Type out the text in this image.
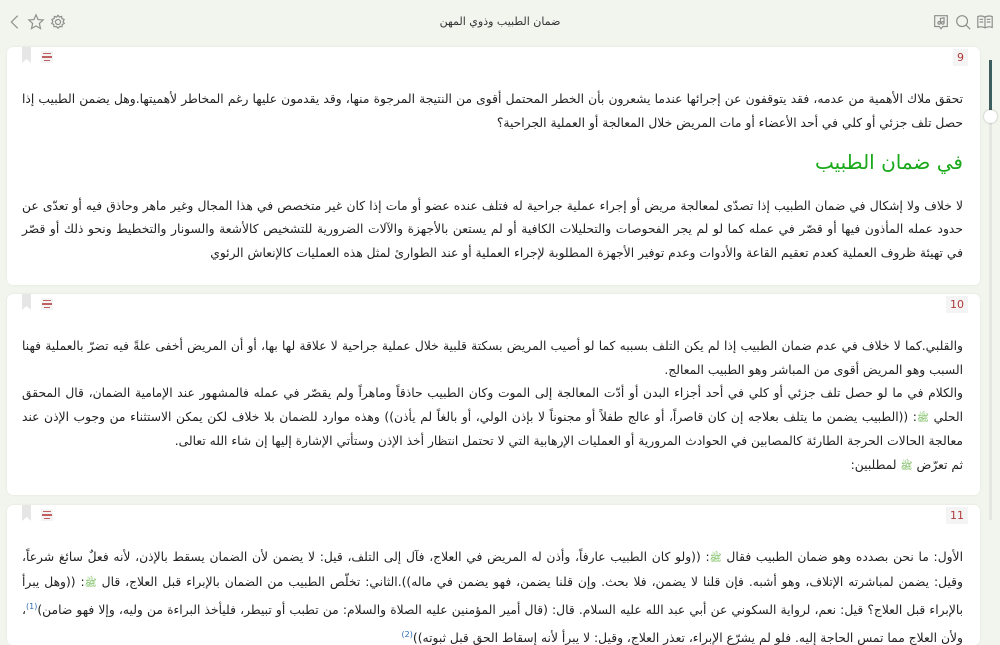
ضمان الطبيب وذوي المهن
9

تحقق ملاك الأهمية من عدمه، فقد يتوقفون عن إجرائها عندما يشعرون بأن الخطر المحتمل أقوى من النتيجة المرجوة منها، وقد يقدمون عليها رغم المخاطر لأهميتها.وهل يضمن الطبيب إذا حصل تلف جزئي أو كلي في أحد الأعضاء أو مات المريض خلال المعالجة أو العملية الجراحية؟

في ضمان الطبيب

لا خلاف ولا إشكال في ضمان الطبيب إذا تصدّى لمعالجة مريض أو إجراء عملية جراحية له فتلف عنده عضو أو مات إذا كان غير متخصص في هذا المجال وغير ماهر وحاذق فيه أو تعدّى عن حدود عمله المأذون فيها أو قصّر في عمله كما لو لم يجر الفحوصات والتحليلات الكافية أو لم يستعن بالأجهزة والآلات الضرورية للتشخيص كالأشعة والسونار والتخطيط ونحو ذلك أو قصّر في تهيئة ظروف العملية كعدم تعقيم القاعة والأدوات وعدم توفير الأجهزة المطلوبة لإجراء العملية أو عند الطوارئ لمثل هذه العمليات كالإنعاش الرئوي

10

والقلبي.كما لا خلاف في عدم ضمان الطبيب إذا لم يكن التلف بسببه كما لو أصيب المريض بسكتة قلبية خلال عملية جراحية لا علاقة لها بها، أو أن المريض أخفى علةً فيه تضرّ بالعملية فهنا السبب وهو المريض أقوى من المباشر وهو الطبيب المعالج.

والكلام في ما لو حصل تلف جزئي أو كلي في أحد أجزاء البدن أو أدّت المعالجة إلى الموت وكان الطبيب حاذقاً وماهراً ولم يقصّر في عمله فالمشهور عند الإمامية الضمان، قال المحقق الحلي ﷺ: ((الطبيب يضمن ما يتلف بعلاجه إن كان قاصراً، أو عالج طفلاً أو مجنوناً لا بإذن الولي، أو بالغاً لم يأذن)) وهذه موارد للضمان بلا خلاف لكن يمكن الاستثناء من وجوب الإذن عند معالجة الحالات الحرجة الطارئة كالمصابين في الحوادث المرورية أو العمليات الإرهابية التي لا تحتمل انتظار أخذ الإذن وستأتي الإشارة إليها إن شاء الله تعالى.

ثم تعرّض ﷺ لمطلبين:

11

الأول: ما نحن بصدده وهو ضمان الطبيب فقال ﷺ: ((ولو كان الطبيب عارفاً، وأذن له المريض في العلاج، فآل إلى التلف، قيل: لا يضمن لأن الضمان يسقط بالإذن، لأنه فعلٌ سائغ شرعاً، وقيل: يضمن لمباشرته الإتلاف، وهو أشبه. فإن قلنا لا يضمن، فلا بحث. وإن قلنا يضمن، فهو يضمن في ماله)).الثاني: تخلّص الطبيب من الضمان بالإبراء قبل العلاج، قال ﷺ: ((وهل يبرأ بالإبراء قبل العلاج؟ قيل: نعم، لرواية السكوني عن أبي عبد الله عليه السلام. قال: (قال أمير المؤمنين عليه الصلاة والسلام: من تطبب أو تبيطر، فليأخذ البراءة من وليه، وإلا فهو ضامن)$^{(1)}$، ولأن العلاج مما تمس الحاجة إليه. فلو لم يشرّع الإبراء، تعذر العلاج، وقيل: لا يبرأ لأنه إسقاط الحق قبل ثبوته))$^{(2)}$
